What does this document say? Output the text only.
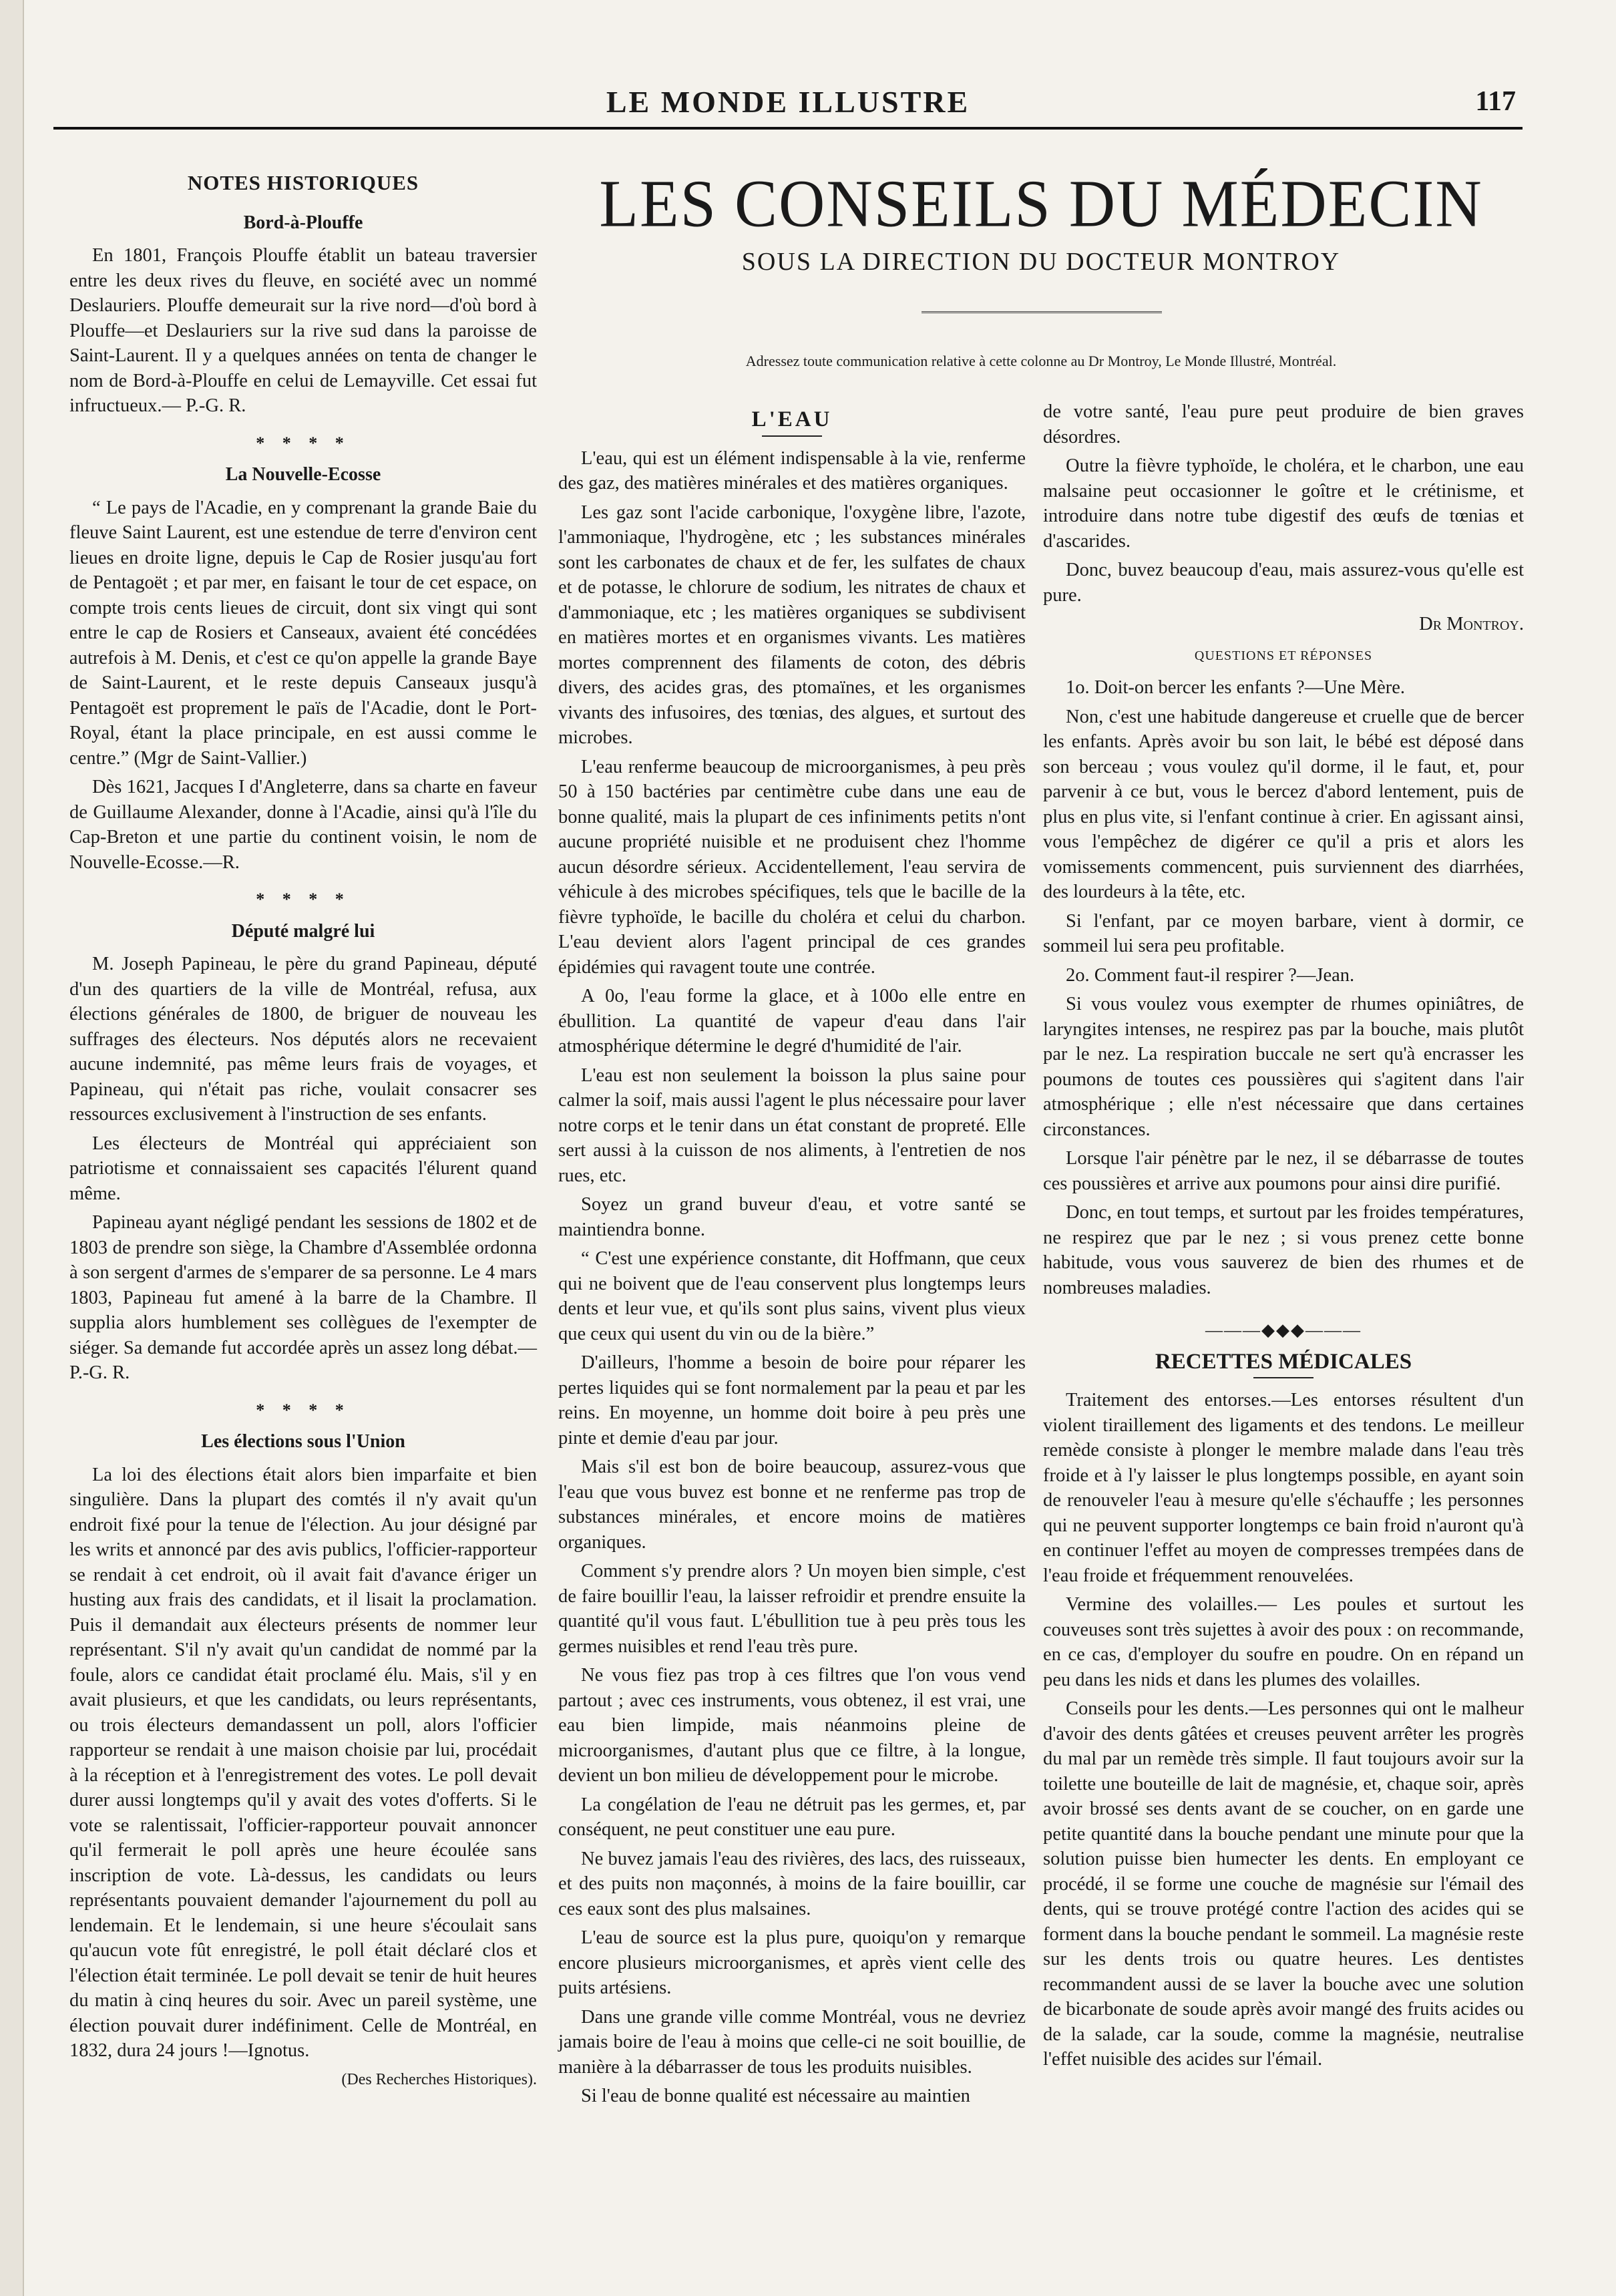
LE MONDE ILLUSTRE	117
NOTES HISTORIQUES
Bord-à-Plouffe

En 1801, François Plouffe établit un bateau traversier entre les deux rives du fleuve, en société avec un nommé Deslauriers. Plouffe demeurait sur la rive nord—d'où bord à Plouffe—et Deslauriers sur la rive sud dans la paroisse de Saint-Laurent. Il y a quelques années on tenta de changer le nom de Bord-à-Plouffe en celui de Lemayville. Cet essai fut infructueux.— P.-G. R.

* * * *
La Nouvelle-Ecosse

“ Le pays de l'Acadie, en y comprenant la grande Baie du fleuve Saint Laurent, est une estendue de terre d'environ cent lieues en droite ligne, depuis le Cap de Rosier jusqu'au fort de Pentagoët ; et par mer, en faisant le tour de cet espace, on compte trois cents lieues de circuit, dont six vingt qui sont entre le cap de Rosiers et Canseaux, avaient été concédées autrefois à M. Denis, et c'est ce qu'on appelle la grande Baye de Saint-Laurent, et le reste depuis Canseaux jusqu'à Pentagoët est proprement le païs de l'Acadie, dont le Port-Royal, étant la place principale, en est aussi comme le centre.” (Mgr de Saint-Vallier.)

Dès 1621, Jacques I d'Angleterre, dans sa charte en faveur de Guillaume Alexander, donne à l'Acadie, ainsi qu'à l'île du Cap-Breton et une partie du continent voisin, le nom de Nouvelle-Ecosse.—R.

* * * *
Député malgré lui

M. Joseph Papineau, le père du grand Papineau, député d'un des quartiers de la ville de Montréal, refusa, aux élections générales de 1800, de briguer de nouveau les suffrages des électeurs. Nos députés alors ne recevaient aucune indemnité, pas même leurs frais de voyages, et Papineau, qui n'était pas riche, voulait consacrer ses ressources exclusivement à l'instruction de ses enfants.

Les électeurs de Montréal qui appréciaient son patriotisme et connaissaient ses capacités l'élurent quand même.

Papineau ayant négligé pendant les sessions de 1802 et de 1803 de prendre son siège, la Chambre d'Assemblée ordonna à son sergent d'armes de s'emparer de sa personne. Le 4 mars 1803, Papineau fut amené à la barre de la Chambre. Il supplia alors humblement ses collègues de l'exempter de siéger. Sa demande fut accordée après un assez long débat.— P.-G. R.

* * * *
Les élections sous l'Union

La loi des élections était alors bien imparfaite et bien singulière. Dans la plupart des comtés il n'y avait qu'un endroit fixé pour la tenue de l'élection. Au jour désigné par les writs et annoncé par des avis publics, l'officier-rapporteur se rendait à cet endroit, où il avait fait d'avance ériger un husting aux frais des candidats, et il lisait la proclamation. Puis il demandait aux électeurs présents de nommer leur représentant. S'il n'y avait qu'un candidat de nommé par la foule, alors ce candidat était proclamé élu. Mais, s'il y en avait plusieurs, et que les candidats, ou leurs représentants, ou trois électeurs demandassent un poll, alors l'officier rapporteur se rendait à une maison choisie par lui, procédait à la réception et à l'enregistrement des votes. Le poll devait durer aussi longtemps qu'il y avait des votes d'offerts. Si le vote se ralentissait, l'officier-rapporteur pouvait annoncer qu'il fermerait le poll après une heure écoulée sans inscription de vote. Là-dessus, les candidats ou leurs représentants pouvaient demander l'ajournement du poll au lendemain. Et le lendemain, si une heure s'écoulait sans qu'aucun vote fût enregistré, le poll était déclaré clos et l'élection était terminée. Le poll devait se tenir de huit heures du matin à cinq heures du soir. Avec un pareil système, une élection pouvait durer indéfiniment. Celle de Montréal, en 1832, dura 24 jours !—Ignotus.

(Des Recherches Historiques).
LES CONSEILS DU MÉDECIN
SOUS LA DIRECTION DU DOCTEUR MONTROY
Adressez toute communication relative à cette colonne au Dr Montroy, Le Monde Illustré, Montréal.
L'EAU

L'eau, qui est un élément indispensable à la vie, renferme des gaz, des matières minérales et des matières organiques.

Les gaz sont l'acide carbonique, l'oxygène libre, l'azote, l'ammoniaque, l'hydrogène, etc ; les substances minérales sont les carbonates de chaux et de fer, les sulfates de chaux et de potasse, le chlorure de sodium, les nitrates de chaux et d'ammoniaque, etc ; les matières organiques se subdivisent en matières mortes et en organismes vivants. Les matières mortes comprennent des filaments de coton, des débris divers, des acides gras, des ptomaïnes, et les organismes vivants des infusoires, des tœnias, des algues, et surtout des microbes.

L'eau renferme beaucoup de microorganismes, à peu près 50 à 150 bactéries par centimètre cube dans une eau de bonne qualité, mais la plupart de ces infiniments petits n'ont aucune propriété nuisible et ne produisent chez l'homme aucun désordre sérieux. Accidentellement, l'eau servira de véhicule à des microbes spécifiques, tels que le bacille de la fièvre typhoïde, le bacille du choléra et celui du charbon. L'eau devient alors l'agent principal de ces grandes épidémies qui ravagent toute une contrée.

A 0o, l'eau forme la glace, et à 100o elle entre en ébullition. La quantité de vapeur d'eau dans l'air atmosphérique détermine le degré d'humidité de l'air.

L'eau est non seulement la boisson la plus saine pour calmer la soif, mais aussi l'agent le plus nécessaire pour laver notre corps et le tenir dans un état constant de propreté. Elle sert aussi à la cuisson de nos aliments, à l'entretien de nos rues, etc.

Soyez un grand buveur d'eau, et votre santé se maintiendra bonne.

“ C'est une expérience constante, dit Hoffmann, que ceux qui ne boivent que de l'eau conservent plus longtemps leurs dents et leur vue, et qu'ils sont plus sains, vivent plus vieux que ceux qui usent du vin ou de la bière.”

D'ailleurs, l'homme a besoin de boire pour réparer les pertes liquides qui se font normalement par la peau et par les reins. En moyenne, un homme doit boire à peu près une pinte et demie d'eau par jour.

Mais s'il est bon de boire beaucoup, assurez-vous que l'eau que vous buvez est bonne et ne renferme pas trop de substances minérales, et encore moins de matières organiques.

Comment s'y prendre alors ? Un moyen bien simple, c'est de faire bouillir l'eau, la laisser refroidir et prendre ensuite la quantité qu'il vous faut. L'ébullition tue à peu près tous les germes nuisibles et rend l'eau très pure.

Ne vous fiez pas trop à ces filtres que l'on vous vend partout ; avec ces instruments, vous obtenez, il est vrai, une eau bien limpide, mais néanmoins pleine de microorganismes, d'autant plus que ce filtre, à la longue, devient un bon milieu de développement pour le microbe.

La congélation de l'eau ne détruit pas les germes, et, par conséquent, ne peut constituer une eau pure.

Ne buvez jamais l'eau des rivières, des lacs, des ruisseaux, et des puits non maçonnés, à moins de la faire bouillir, car ces eaux sont des plus malsaines.

L'eau de source est la plus pure, quoiqu'on y remarque encore plusieurs microorganismes, et après vient celle des puits artésiens.

Dans une grande ville comme Montréal, vous ne devriez jamais boire de l'eau à moins que celle-ci ne soit bouillie, de manière à la débarrasser de tous les produits nuisibles.

Si l'eau de bonne qualité est nécessaire au maintien

de votre santé, l'eau pure peut produire de bien graves désordres.

Outre la fièvre typhoïde, le choléra, et le charbon, une eau malsaine peut occasionner le goître et le crétinisme, et introduire dans notre tube digestif des œufs de tœnias et d'ascarides.

Donc, buvez beaucoup d'eau, mais assurez-vous qu'elle est pure.

Dr Montroy.
QUESTIONS ET RÉPONSES

1o. Doit-on bercer les enfants ?—Une Mère.

Non, c'est une habitude dangereuse et cruelle que de bercer les enfants. Après avoir bu son lait, le bébé est déposé dans son berceau ; vous voulez qu'il dorme, il le faut, et, pour parvenir à ce but, vous le bercez d'abord lentement, puis de plus en plus vite, si l'enfant continue à crier. En agissant ainsi, vous l'empêchez de digérer ce qu'il a pris et alors les vomissements commencent, puis surviennent des diarrhées, des lourdeurs à la tête, etc.

Si l'enfant, par ce moyen barbare, vient à dormir, ce sommeil lui sera peu profitable.

2o. Comment faut-il respirer ?—Jean.

Si vous voulez vous exempter de rhumes opiniâtres, de laryngites intenses, ne respirez pas par la bouche, mais plutôt par le nez. La respiration buccale ne sert qu'à encrasser les poumons de toutes ces poussières qui s'agitent dans l'air atmosphérique ; elle n'est nécessaire que dans certaines circonstances.

Lorsque l'air pénètre par le nez, il se débarrasse de toutes ces poussières et arrive aux poumons pour ainsi dire purifié.

Donc, en tout temps, et surtout par les froides températures, ne respirez que par le nez ; si vous prenez cette bonne habitude, vous vous sauverez de bien des rhumes et de nombreuses maladies.

———◆◆◆———
RECETTES MÉDICALES

Traitement des entorses.—Les entorses résultent d'un violent tiraillement des ligaments et des tendons. Le meilleur remède consiste à plonger le membre malade dans l'eau très froide et à l'y laisser le plus longtemps possible, en ayant soin de renouveler l'eau à mesure qu'elle s'échauffe ; les personnes qui ne peuvent supporter longtemps ce bain froid n'auront qu'à en continuer l'effet au moyen de compresses trempées dans de l'eau froide et fréquemment renouvelées.

Vermine des volailles.— Les poules et surtout les couveuses sont très sujettes à avoir des poux : on recommande, en ce cas, d'employer du soufre en poudre. On en répand un peu dans les nids et dans les plumes des volailles.

Conseils pour les dents.—Les personnes qui ont le malheur d'avoir des dents gâtées et creuses peuvent arrêter les progrès du mal par un remède très simple. Il faut toujours avoir sur la toilette une bouteille de lait de magnésie, et, chaque soir, après avoir brossé ses dents avant de se coucher, on en garde une petite quantité dans la bouche pendant une minute pour que la solution puisse bien humecter les dents. En employant ce procédé, il se forme une couche de magnésie sur l'émail des dents, qui se trouve protégé contre l'action des acides qui se forment dans la bouche pendant le sommeil. La magnésie reste sur les dents trois ou quatre heures. Les dentistes recommandent aussi de se laver la bouche avec une solution de bicarbonate de soude après avoir mangé des fruits acides ou de la salade, car la soude, comme la magnésie, neutralise l'effet nuisible des acides sur l'émail.
